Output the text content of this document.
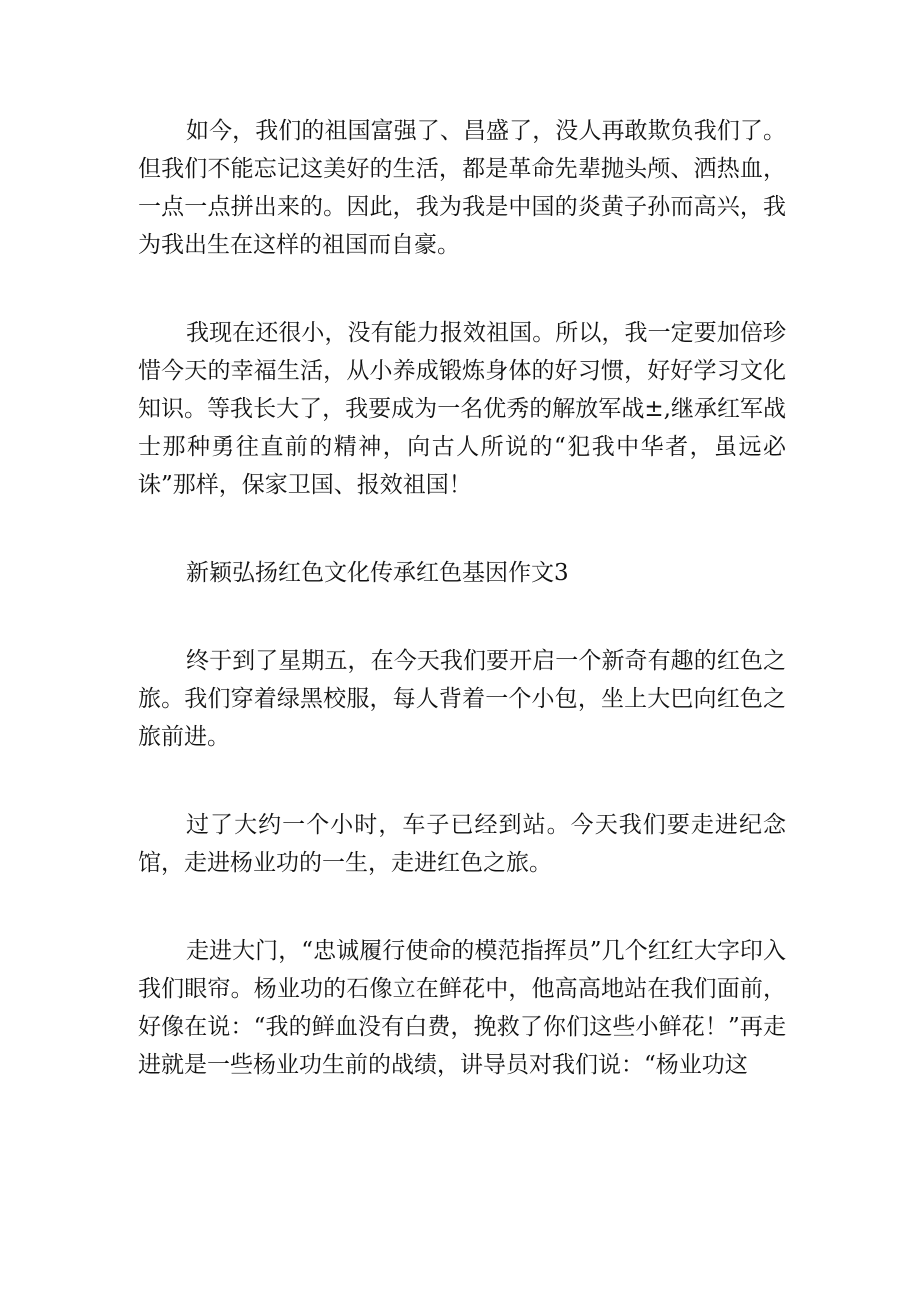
如今，我们的祖国富强了、昌盛了，没人再敢欺负我们了。但我们不能忘记这美好的生活，都是革命先辈抛头颅、洒热血，一点一点拼出来的。因此，我为我是中国的炎黄子孙而高兴，我为我出生在这样的祖国而自豪。

我现在还很小，没有能力报效祖国。所以，我一定要加倍珍惜今天的幸福生活，从小养成锻炼身体的好习惯，好好学习文化知识。等我长大了，我要成为一名优秀的解放军战±,继承红军战士那种勇往直前的精神，向古人所说的“犯我中华者，虽远必诛”那样，保家卫国、报效祖国！

新颖弘扬红色文化传承红色基因作文3

终于到了星期五，在今天我们要开启一个新奇有趣的红色之旅。我们穿着绿黑校服，每人背着一个小包，坐上大巴向红色之旅前进。

过了大约一个小时，车子已经到站。今天我们要走进纪念馆，走进杨业功的一生，走进红色之旅。

走进大门，“忠诚履行使命的模范指挥员”几个红红大字印入我们眼帘。杨业功的石像立在鲜花中，他高高地站在我们面前，好像在说：“我的鲜血没有白费，挽救了你们这些小鲜花！”再走进就是一些杨业功生前的战绩，讲导员对我们说：“杨业功这
